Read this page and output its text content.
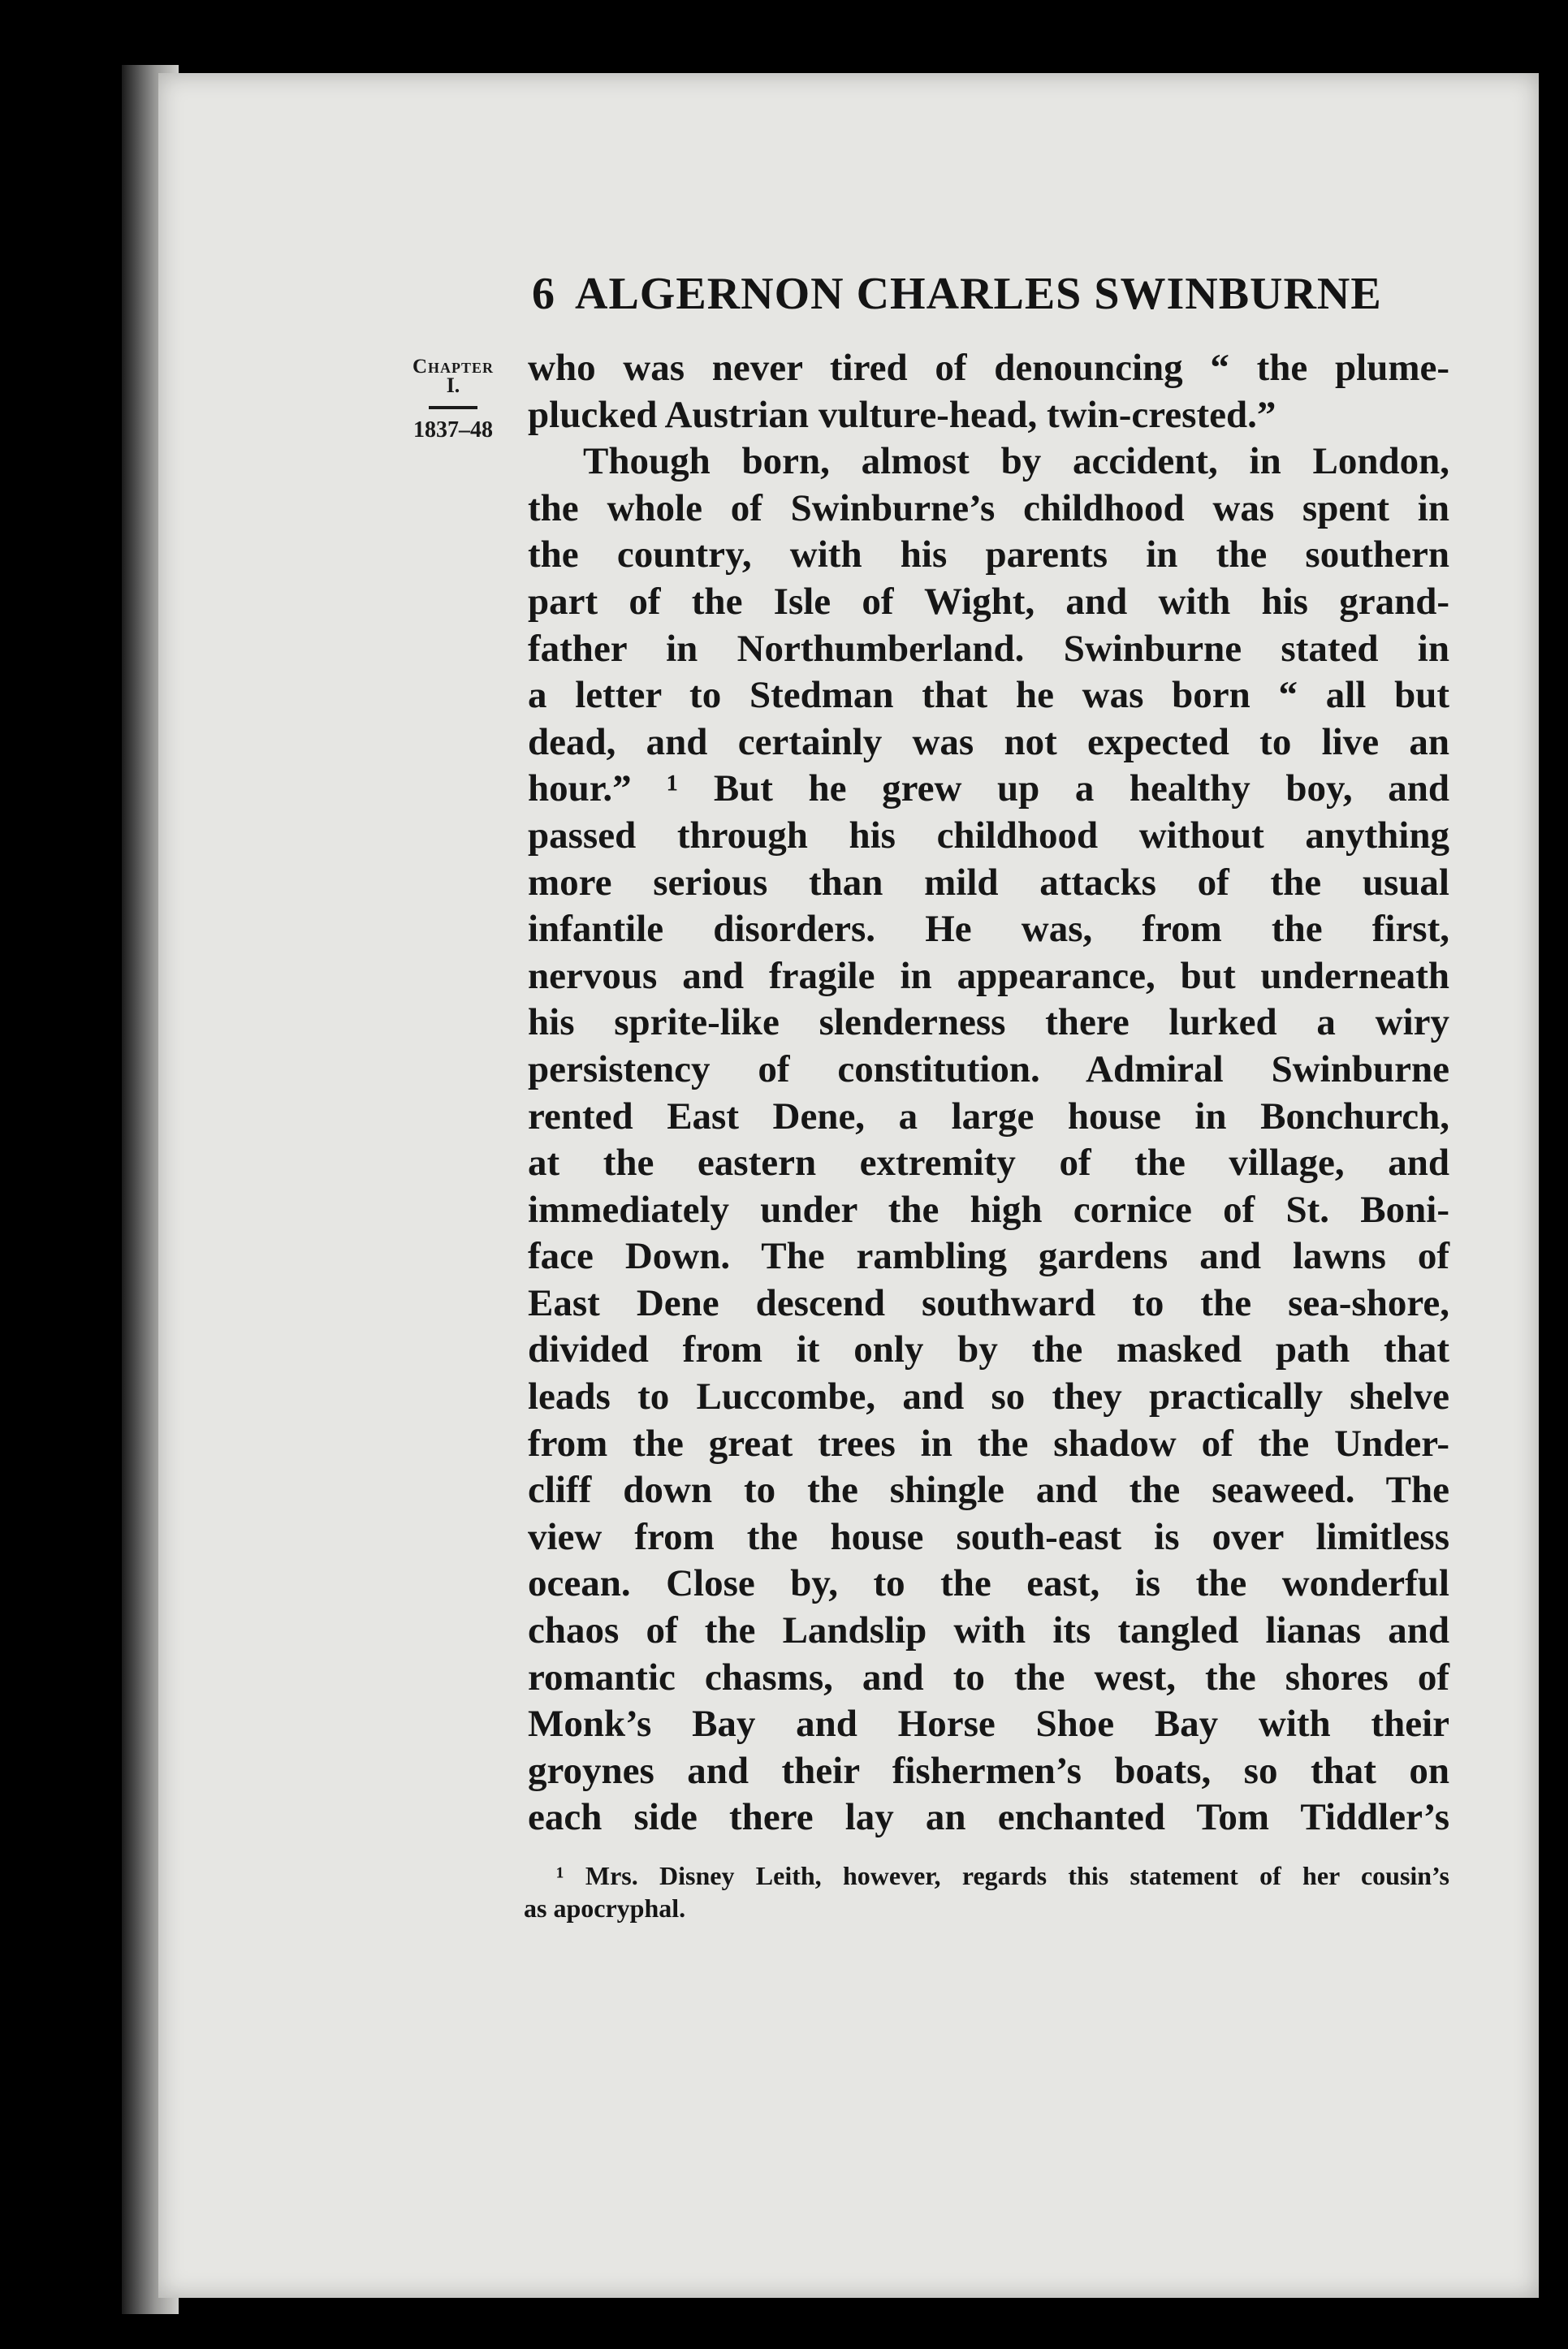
6 ALGERNON CHARLES SWINBURNE
Chapter
I.
1837–48
who was never tired of denouncing “ the plume-
plucked Austrian vulture-head, twin-crested.”
Though born, almost by accident, in London,
the whole of Swinburne’s childhood was spent in
the country, with his parents in the southern
part of the Isle of Wight, and with his grand-
father in Northumberland. Swinburne stated in
a letter to Stedman that he was born “ all but
dead, and certainly was not expected to live an
hour.” ¹ But he grew up a healthy boy, and
passed through his childhood without anything
more serious than mild attacks of the usual
infantile disorders. He was, from the first,
nervous and fragile in appearance, but underneath
his sprite-like slenderness there lurked a wiry
persistency of constitution. Admiral Swinburne
rented East Dene, a large house in Bonchurch,
at the eastern extremity of the village, and
immediately under the high cornice of St. Boni-
face Down. The rambling gardens and lawns of
East Dene descend southward to the sea-shore,
divided from it only by the masked path that
leads to Luccombe, and so they practically shelve
from the great trees in the shadow of the Under-
cliff down to the shingle and the seaweed. The
view from the house south-east is over limitless
ocean. Close by, to the east, is the wonderful
chaos of the Landslip with its tangled lianas and
romantic chasms, and to the west, the shores of
Monk’s Bay and Horse Shoe Bay with their
groynes and their fishermen’s boats, so that on
each side there lay an enchanted Tom Tiddler’s
¹ Mrs. Disney Leith, however, regards this statement of her cousin’s
as apocryphal.
